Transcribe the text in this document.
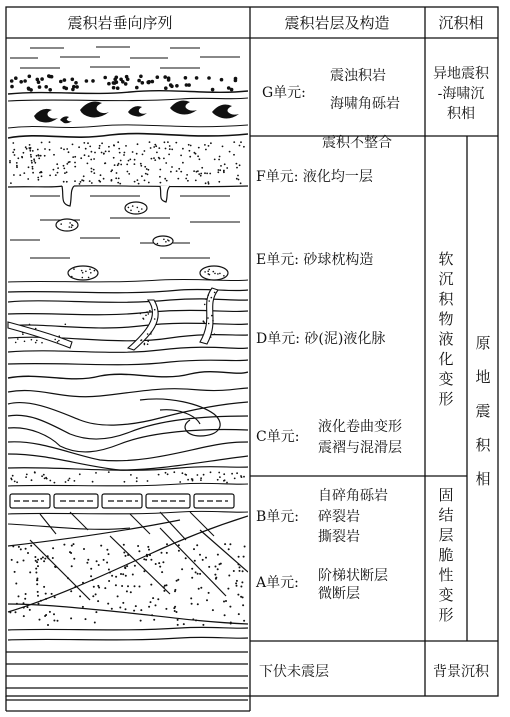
震积岩垂向序列	震积岩层及构造	沉积相
G单元:
震浊积岩
海啸角砾岩
震积不整合
F单元: 液化均一层
E单元: 砂球枕构造
D单元: 砂(泥)液化脉
C单元:
液化卷曲变形
震褶与混滑层
B单元:
自碎角砾岩
碎裂岩
撕裂岩
A单元: 阶梯状断层
微断层
下伏未震层
异地震积
-海啸沉
积相
软
沉
积
物
液
化
变
形
固
结
层
脆
性
变
形
原
地
震
积
相
背景沉积
